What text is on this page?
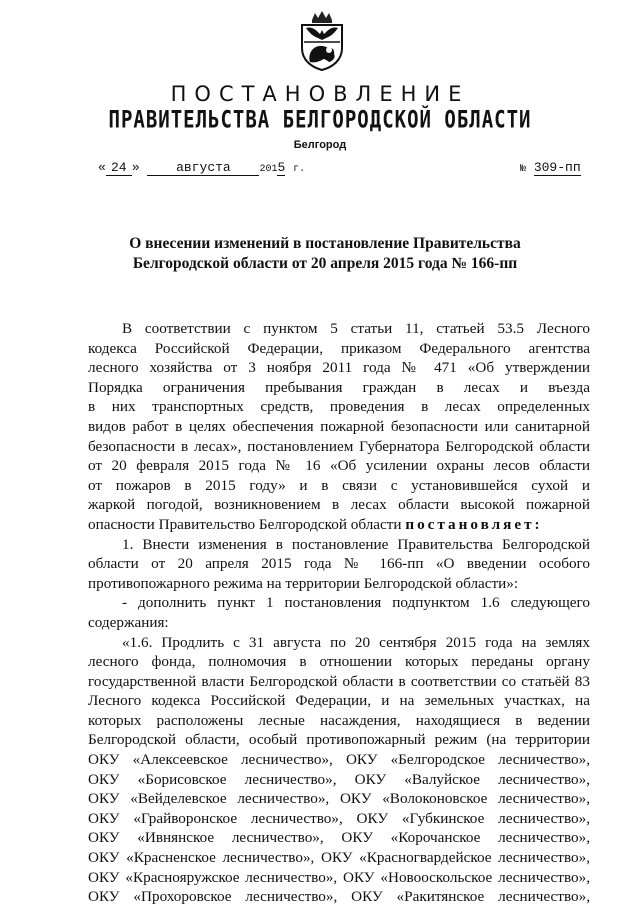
ПОСТАНОВЛЕНИЕ
ПРАВИТЕЛЬСТВА БЕЛГОРОДСКОЙ ОБЛАСТИ
Белгород
« 24 »	августа	2015 г.	№ 309-пп
О внесении изменений в постановление Правительства
Белгородской области от 20 апреля 2015 года № 166-пп
В соответствии с пунктом 5 статьи 11, статьей 53.5 Лесного
кодекса Российской Федерации, приказом Федерального агентства
лесного хозяйства от 3 ноября 2011 года № 471 «Об утверждении
Порядка ограничения пребывания граждан в лесах и въезда
в них транспортных средств, проведения в лесах определенных
видов работ в целях обеспечения пожарной безопасности или санитарной
безопасности в лесах», постановлением Губернатора Белгородской области
от 20 февраля 2015 года № 16 «Об усилении охраны лесов области
от пожаров в 2015 году» и в связи с установившейся сухой и
жаркой погодой, возникновением в лесах области высокой пожарной
опасности Правительство Белгородской области постановляет:
1. Внести изменения в постановление Правительства Белгородской
области от 20 апреля 2015 года № 166-пп «О введении особого
противопожарного режима на территории Белгородской области»:
- дополнить пункт 1 постановления подпунктом 1.6 следующего
содержания:
«1.6. Продлить с 31 августа по 20 сентября 2015 года на землях
лесного фонда, полномочия в отношении которых переданы органу
государственной власти Белгородской области в соответствии со статьёй 83
Лесного кодекса Российской Федерации, и на земельных участках, на
которых расположены лесные насаждения, находящиеся в ведении
Белгородской области, особый противопожарный режим (на территории
ОКУ «Алексеевское лесничество», ОКУ «Белгородское лесничество»,
ОКУ «Борисовское лесничество», ОКУ «Валуйское лесничество»,
ОКУ «Вейделевское лесничество», ОКУ «Волоконовское лесничество»,
ОКУ «Грайворонское лесничество», ОКУ «Губкинское лесничество»,
ОКУ «Ивнянское лесничество», ОКУ «Корочанское лесничество»,
ОКУ «Красненское лесничество», ОКУ «Красногвардейское лесничество»,
ОКУ «Краснояружское лесничество», ОКУ «Новооскольское лесничество»,
ОКУ «Прохоровское лесничество», ОКУ «Ракитянское лесничество»,
